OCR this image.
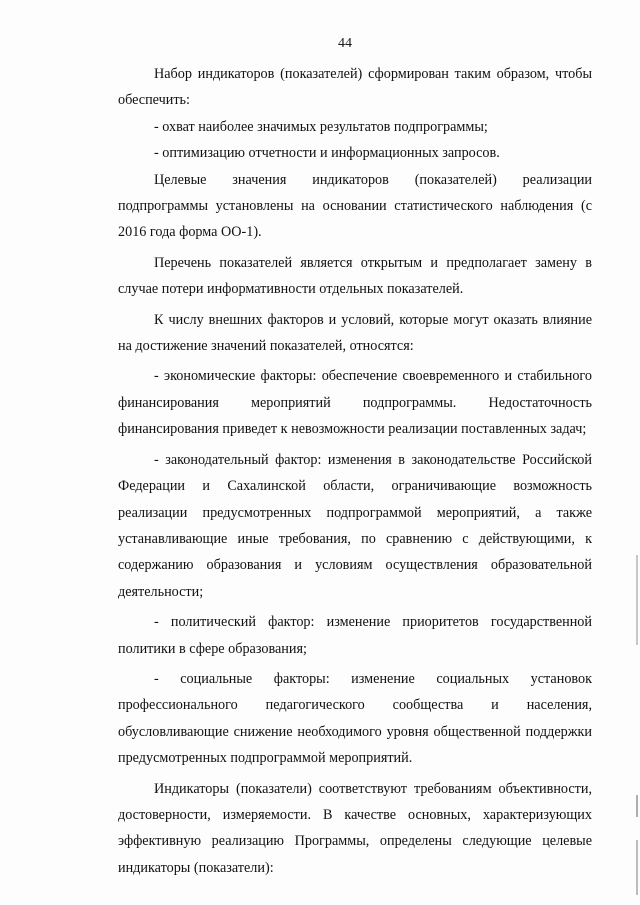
44

Набор индикаторов (показателей) сформирован таким образом, чтобы обеспечить:

- охват наиболее значимых результатов подпрограммы;

- оптимизацию отчетности и информационных запросов.

Целевые значения индикаторов (показателей) реализации подпрограммы установлены на основании статистического наблюдения (с 2016 года форма ОО-1).

Перечень показателей является открытым и предполагает замену в случае потери информативности отдельных показателей.

К числу внешних факторов и условий, которые могут оказать влияние на достижение значений показателей, относятся:

- экономические факторы: обеспечение своевременного и стабильного финансирования мероприятий подпрограммы. Недостаточность финансирования приведет к невозможности реализации поставленных задач;

- законодательный фактор: изменения в законодательстве Российской Федерации и Сахалинской области, ограничивающие возможность реализации предусмотренных подпрограммой мероприятий, а также устанавливающие иные требования, по сравнению с действующими, к содержанию образования и условиям осуществления образовательной деятельности;

- политический фактор: изменение приоритетов государственной политики в сфере образования;

- социальные факторы: изменение социальных установок профессионального педагогического сообщества и населения, обусловливающие снижение необходимого уровня общественной поддержки предусмотренных подпрограммой мероприятий.

Индикаторы (показатели) соответствуют требованиям объективности, достоверности, измеряемости. В качестве основных, характеризующих эффективную реализацию Программы, определены следующие целевые индикаторы (показатели):
